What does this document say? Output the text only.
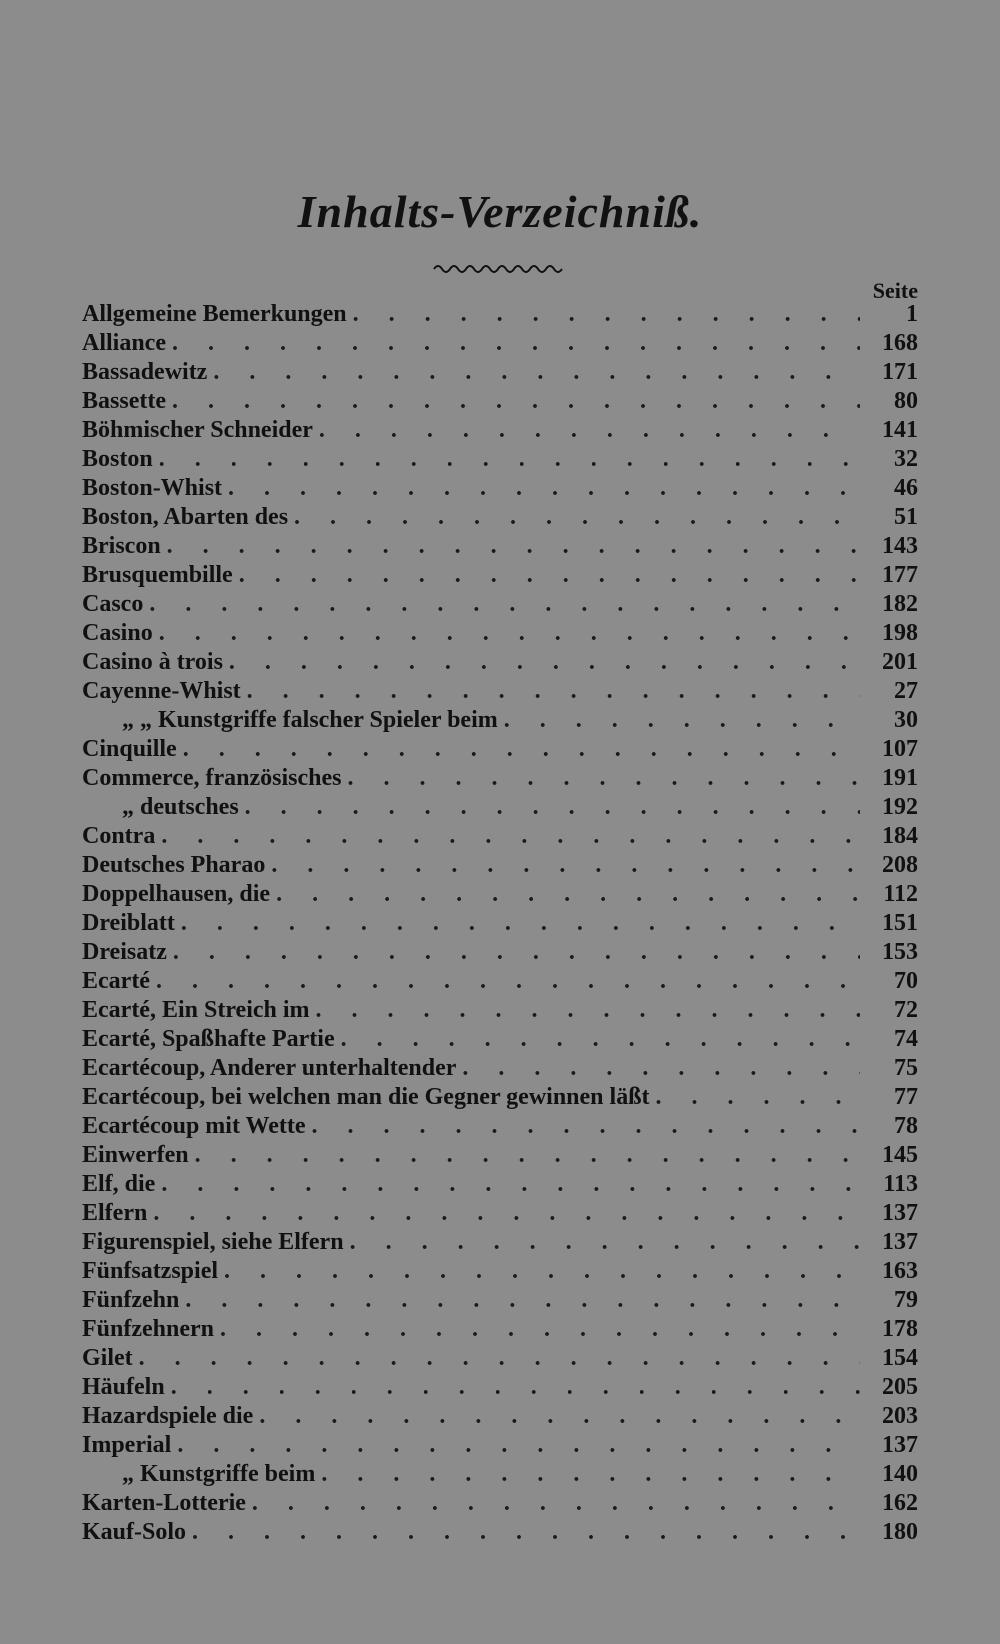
Inhalts-Verzeichniß.
Seite
Allgemeine Bemerkungen . . .	1
Alliance . . .	168
Bassadewitz . . .	171
Bassette . . .	80
Böhmischer Schneider . . .	141
Boston . . .	32
Boston-Whist . . .	46
Boston, Abarten des . . .	51
Briscon . . .	143
Brusquembille . . .	177
Casco . . .	182
Casino . . .	198
Casino à trois . . .	201
Cayenne-Whist . . .	27
„ „ Kunstgriffe falscher Spieler beim . . .	30
Cinquille . . .	107
Commerce, französisches . . .	191
„ deutsches . . .	192
Contra . . .	184
Deutsches Pharao . . .	208
Doppelhausen, die . . .	112
Dreiblatt . . .	151
Dreisatz . . .	153
Ecarté . . .	70
Ecarté, Ein Streich im . . .	72
Ecarté, Spaßhafte Partie . . .	74
Ecartécoup, Anderer unterhaltender . . .	75
Ecartécoup, bei welchen man die Gegner gewinnen läßt . . .	77
Ecartécoup mit Wette . . .	78
Einwerfen . . .	145
Elf, die . . .	113
Elfern . . .	137
Figurenspiel, siehe Elfern . . .	137
Fünfsatzspiel . . .	163
Fünfzehn . . .	79
Fünfzehnern . . .	178
Gilet . . .	154
Häufeln . . .	205
Hazardspiele die . . .	203
Imperial . . .	137
„ Kunstgriffe beim . . .	140
Karten-Lotterie . . .	162
Kauf-Solo . . .	180
